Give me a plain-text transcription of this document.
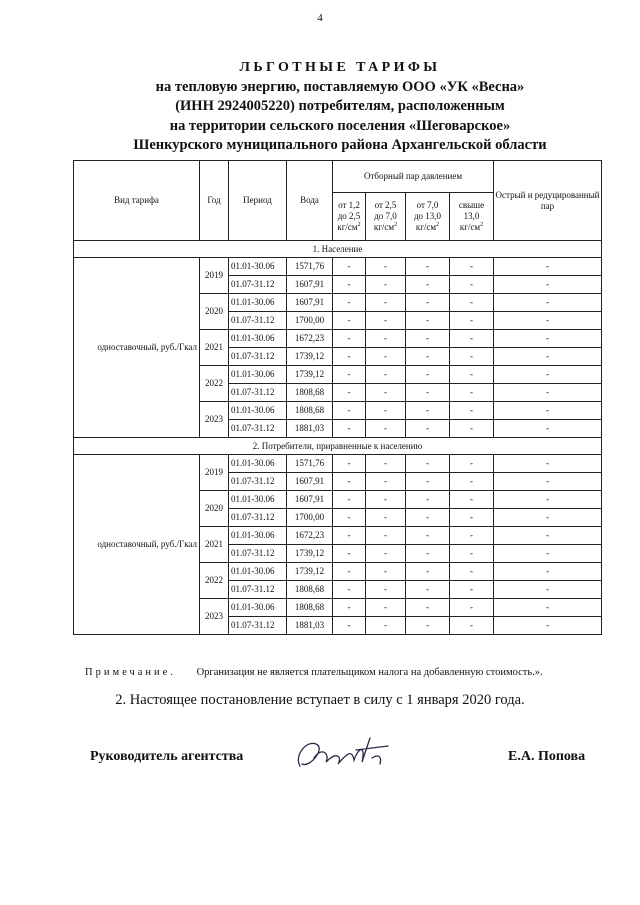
4
ЛЬГОТНЫЕ ТАРИФЫ
на тепловую энергию, поставляемую ООО «УК «Весна»
(ИНН 2924005220) потребителям, расположенным
на территории сельского поселения «Шеговарское»
Шенкурского муниципального района Архангельской области
Вид тарифа	Год	Период	Вода	Отборный пар давлением				Острый и редуцированный пар
				от 1,2
до 2,5
$кг/см^2$	от 2,5
до 7,0
$кг/см^2$	от 7,0
до 13,0
$кг/см^2$	свыше
13,0
$кг/см^2$
1. Население								
одноставочный, руб./Гкал	2019	01.01-30.06	1571,76	-	-	-	-	-
		01.07-31.12	1607,91	-	-	-	-	-
	2020	01.01-30.06	1607,91	-	-	-	-	-
		01.07-31.12	1700,00	-	-	-	-	-
	2021	01.01-30.06	1672,23	-	-	-	-	-
		01.07-31.12	1739,12	-	-	-	-	-
	2022	01.01-30.06	1739,12	-	-	-	-	-
		01.07-31.12	1808,68	-	-	-	-	-
	2023	01.01-30.06	1808,68	-	-	-	-	-
		01.07-31.12	1881,03	-	-	-	-	-
2. Потребители, приравненные к населению								
одноставочный, руб./Гкал	2019	01.01-30.06	1571,76	-	-	-	-	-
		01.07-31.12	1607,91	-	-	-	-	-
	2020	01.01-30.06	1607,91	-	-	-	-	-
		01.07-31.12	1700,00	-	-	-	-	-
	2021	01.01-30.06	1672,23	-	-	-	-	-
		01.07-31.12	1739,12	-	-	-	-	-
	2022	01.01-30.06	1739,12	-	-	-	-	-
		01.07-31.12	1808,68	-	-	-	-	-
	2023	01.01-30.06	1808,68	-	-	-	-	-
		01.07-31.12	1881,03	-	-	-	-	-
Примечание. Организация не является плательщиком налога на добавленную стоимость.».
2. Настоящее постановление вступает в силу с 1 января 2020 года.
Руководитель агентства	Е.А. Попова
